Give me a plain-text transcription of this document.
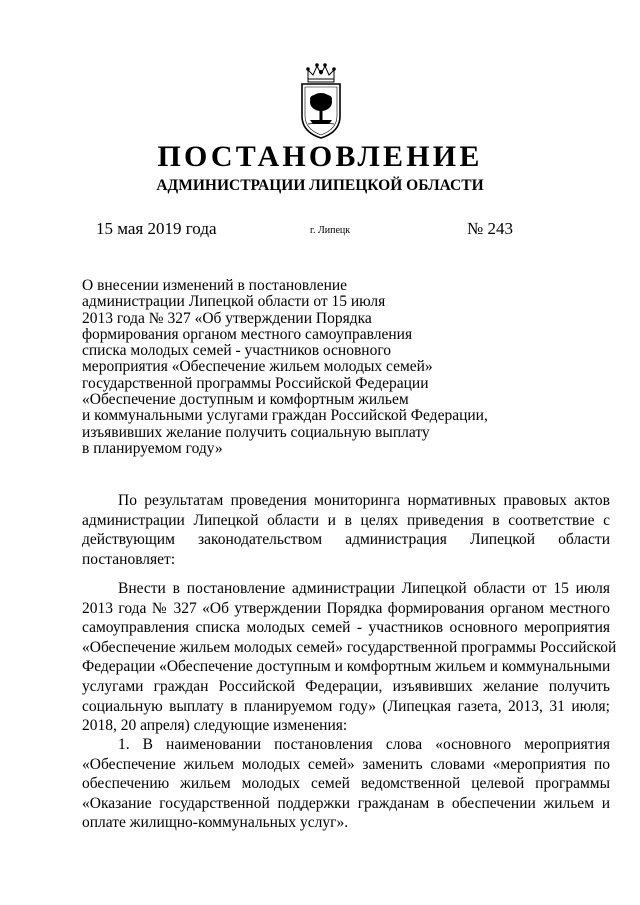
ПОСТАНОВЛЕНИЕ
АДМИНИСТРАЦИИ ЛИПЕЦКОЙ ОБЛАСТИ
15 мая 2019 года	г. Липецк	№ 243
О внесении изменений в постановление
администрации Липецкой области от 15 июля
2013 года № 327 «Об утверждении Порядка
формирования органом местного самоуправления
списка молодых семей - участников основного
мероприятия «Обеспечение жильем молодых семей»
государственной программы Российской Федерации
«Обеспечение доступным и комфортным жильем
и коммунальными услугами граждан Российской Федерации,
изъявивших желание получить социальную выплату
в планируемом году»
По результатам проведения мониторинга нормативных правовых актов
администрации Липецкой области и в целях приведения в соответствие с
действующим законодательством администрация Липецкой области
постановляет:
Внести в постановление администрации Липецкой области от 15 июля
2013 года № 327 «Об утверждении Порядка формирования органом местного
самоуправления списка молодых семей - участников основного мероприятия
«Обеспечение жильем молодых семей» государственной программы Российской
Федерации «Обеспечение доступным и комфортным жильем и коммунальными
услугами граждан Российской Федерации, изъявивших желание получить
социальную выплату в планируемом году» (Липецкая газета, 2013, 31 июля;
2018, 20 апреля) следующие изменения:
1. В наименовании постановления слова «основного мероприятия
«Обеспечение жильем молодых семей» заменить словами «мероприятия по
обеспечению жильем молодых семей ведомственной целевой программы
«Оказание государственной поддержки гражданам в обеспечении жильем и
оплате жилищно-коммунальных услуг».
